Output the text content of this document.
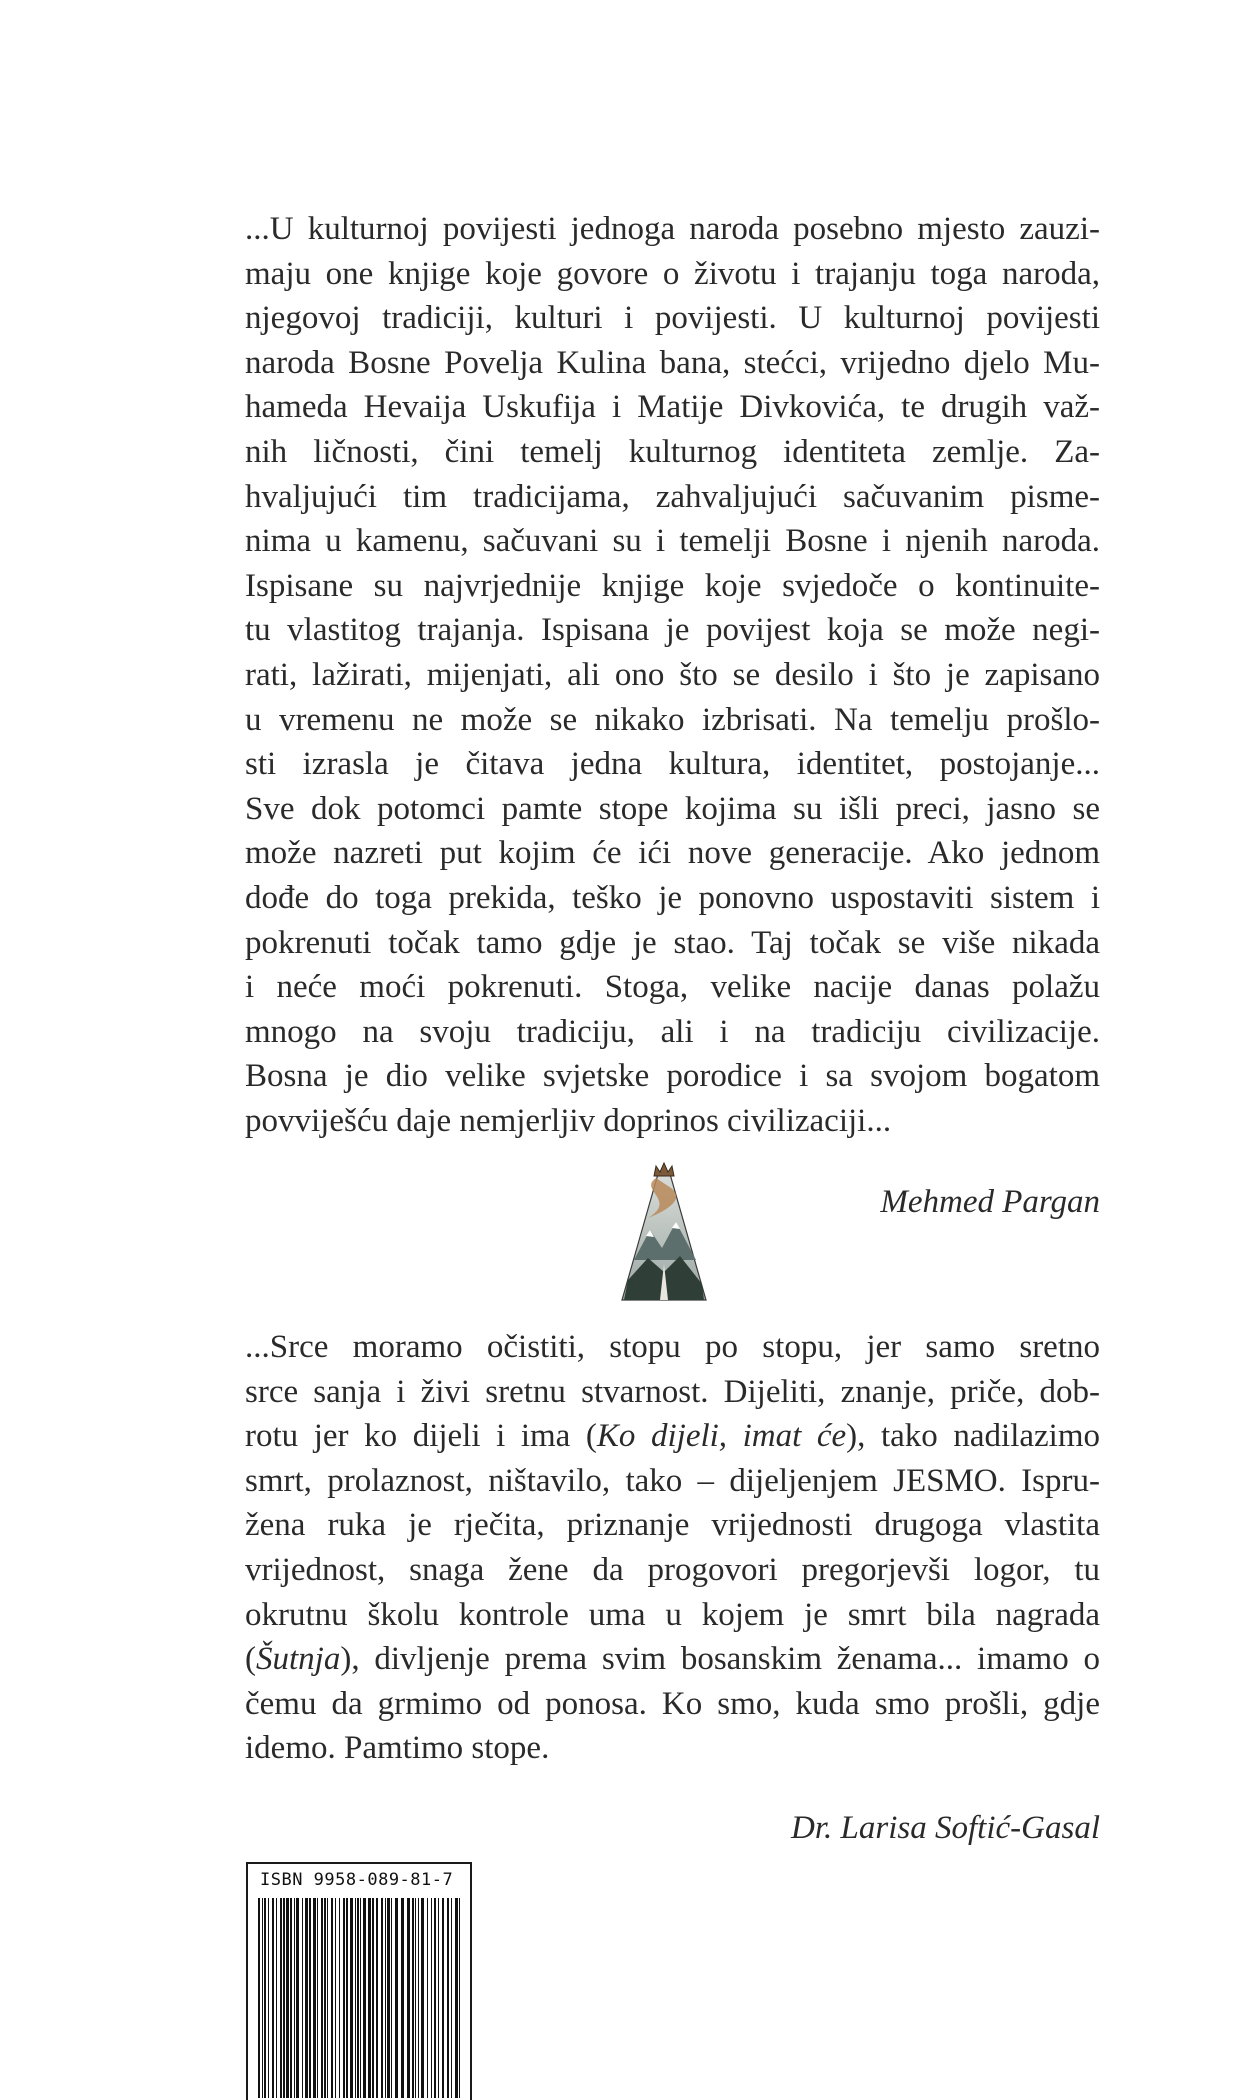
...U kulturnoj povijesti jednoga naroda posebno mjesto zauzi-
maju one knjige koje govore o životu i trajanju toga naroda,
njegovoj tradiciji, kulturi i povijesti. U kulturnoj povijesti
naroda Bosne Povelja Kulina bana, stećci, vrijedno djelo Mu-
hameda Hevaija Uskufija i Matije Divkovića, te drugih važ-
nih ličnosti, čini temelj kulturnog identiteta zemlje. Za-
hvaljujući tim tradicijama, zahvaljujući sačuvanim pismе-
nima u kamenu, sačuvani su i temelji Bosne i njenih naroda.
Ispisane su najvrjednije knjige koje svjedoče o kontinuite-
tu vlastitog trajanja. Ispisana je povijest koja se može negi-
rati, lažirati, mijenjati, ali ono što se desilo i što je zapisano
u vremenu ne može se nikako izbrisati. Na temelju prošlo-
sti izrasla je čitava jedna kultura, identitet, postojanje...
Sve dok potomci pamte stope kojima su išli preci, jasno se
može nazreti put kojim će ići nove generacije. Ako jednom
dođe do toga prekida, teško je ponovno uspostaviti sistem i
pokrenuti točak tamo gdje je stao. Taj točak se više nikada
i neće moći pokrenuti. Stoga, velike nacije danas polažu
mnogo na svoju tradiciju, ali i na tradiciju civilizacije.
Bosna je dio velike svjetske porodice i sa svojom bogatom
povviješću daje nemjerljiv doprinos civilizaciji...
Mehmed Pargan
...Srce moramo očistiti, stopu po stopu, jer samo sretno
srce sanja i živi sretnu stvarnost. Dijeliti, znanje, priče, dob-
rotu jer ko dijeli i ima (Ko dijeli, imat će), tako nadilazimo
smrt, prolaznost, ništavilo, tako – dijeljenjem JESMO. Ispru-
žena ruka je rječita, priznanje vrijednosti drugoga vlastita
vrijednost, snaga žene da progovori pregorjevši logor, tu
okrutnu školu kontrole uma u kojem je smrt bila nagrada
(Šutnja), divljenje prema svim bosanskim ženama... imamo o
čemu da grmimo od ponosa. Ko smo, kuda smo prošli, gdje
idemo. Pamtimo stope.
Dr. Larisa Softić-Gasal
ISBN 9958-089-81-7
